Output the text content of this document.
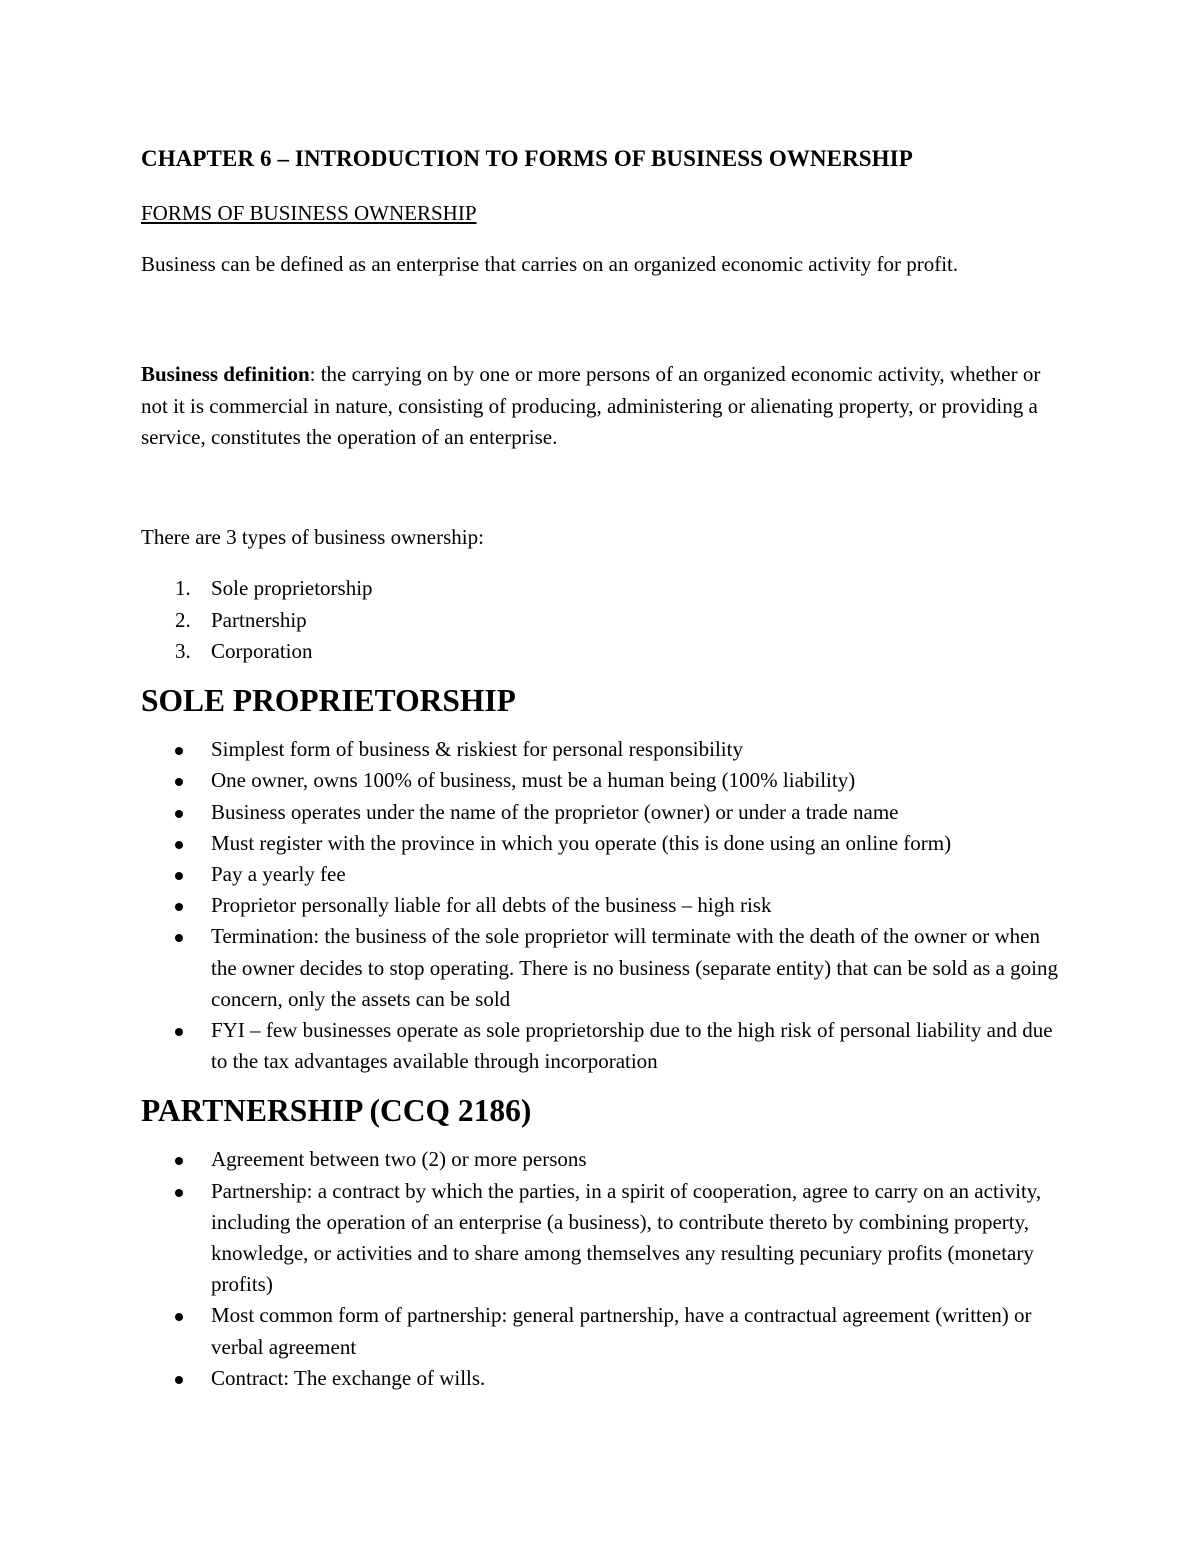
CHAPTER 6 – INTRODUCTION TO FORMS OF BUSINESS OWNERSHIP
FORMS OF BUSINESS OWNERSHIP

Business can be defined as an enterprise that carries on an organized economic activity for profit.

Business definition: the carrying on by one or more persons of an organized economic activity, whether or not it is commercial in nature, consisting of producing, administering or alienating property, or providing a service, constitutes the operation of an enterprise.

There are 3 types of business ownership:

1. Sole proprietorship
2. Partnership
3. Corporation
SOLE PROPRIETORSHIP
Simplest form of business & riskiest for personal responsibility
One owner, owns 100% of business, must be a human being (100% liability)
Business operates under the name of the proprietor (owner) or under a trade name
Must register with the province in which you operate (this is done using an online form)
Pay a yearly fee
Proprietor personally liable for all debts of the business – high risk
Termination: the business of the sole proprietor will terminate with the death of the owner or when the owner decides to stop operating. There is no business (separate entity) that can be sold as a going concern, only the assets can be sold
FYI – few businesses operate as sole proprietorship due to the high risk of personal liability and due to the tax advantages available through incorporation
PARTNERSHIP (CCQ 2186)
Agreement between two (2) or more persons
Partnership: a contract by which the parties, in a spirit of cooperation, agree to carry on an activity, including the operation of an enterprise (a business), to contribute thereto by combining property, knowledge, or activities and to share among themselves any resulting pecuniary profits (monetary profits)
Most common form of partnership: general partnership, have a contractual agreement (written) or verbal agreement
Contract: The exchange of wills.
